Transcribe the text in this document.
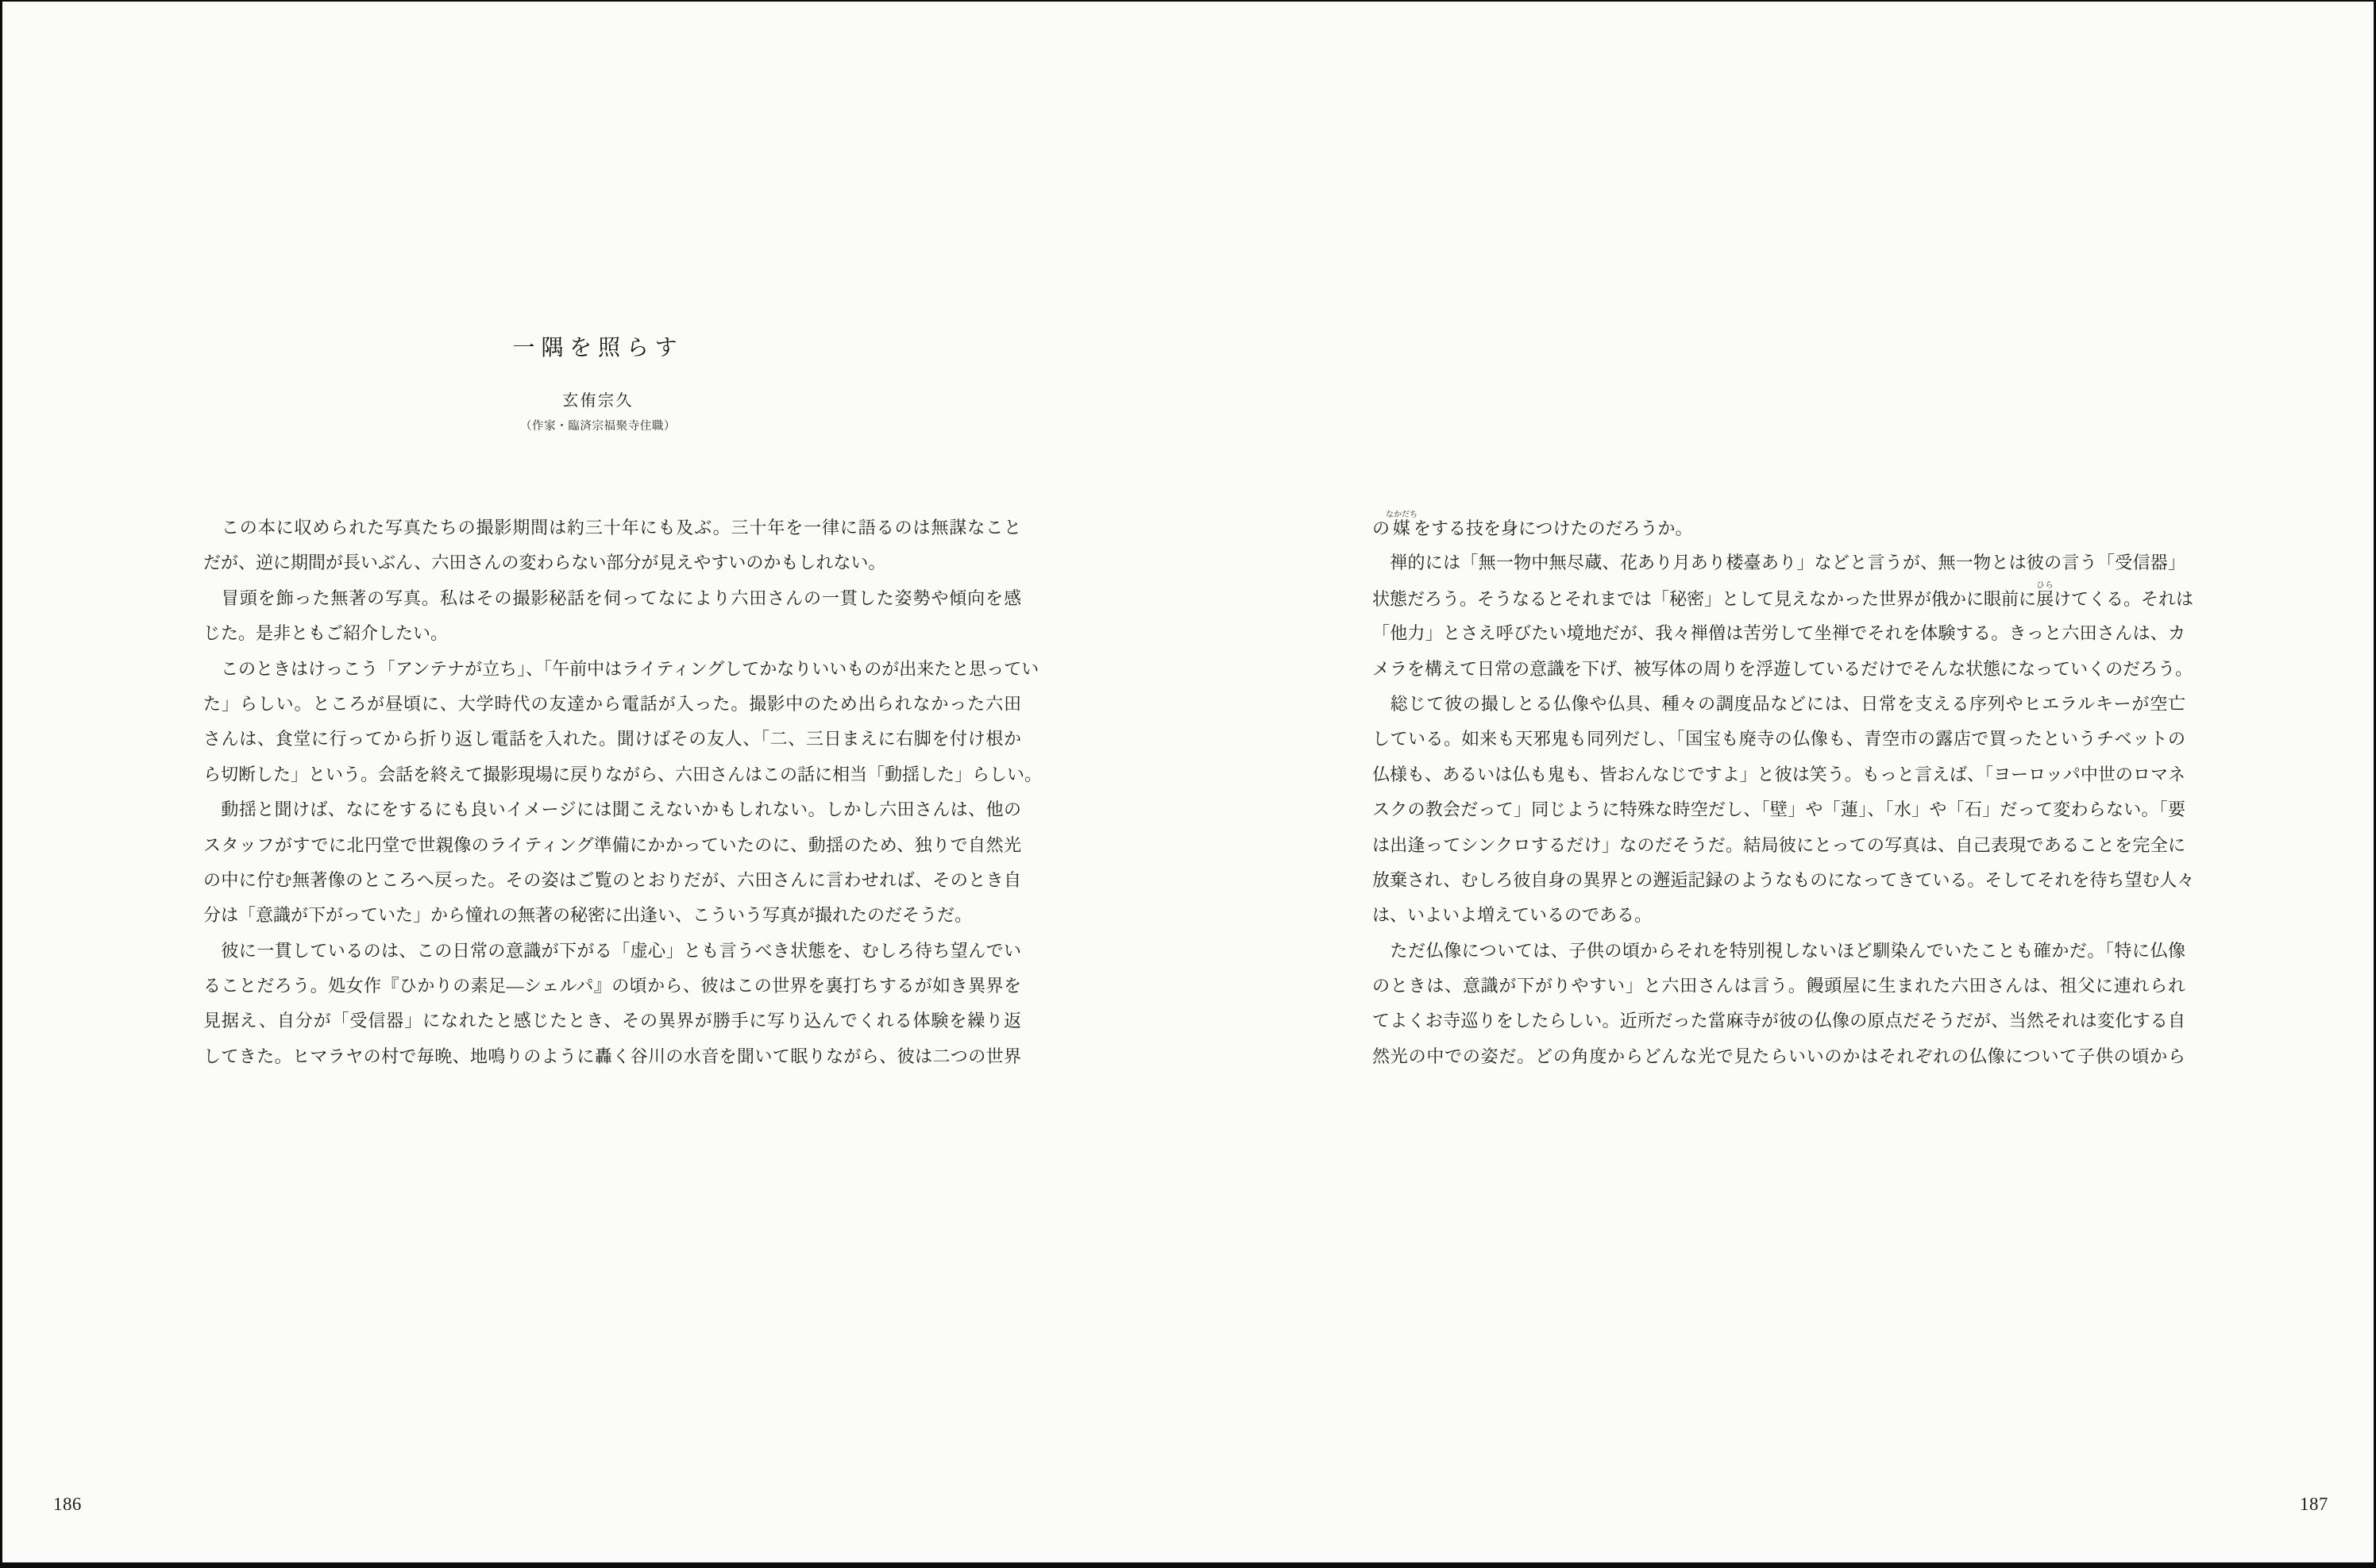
一隅を照らす
玄侑宗久
（作家・臨済宗福聚寺住職）
　この本に収められた写真たちの撮影期間は約三十年にも及ぶ。三十年を一律に語るのは無謀なこと
だが、逆に期間が長いぶん、六田さんの変わらない部分が見えやすいのかもしれない。
　冒頭を飾った無著の写真。私はその撮影秘話を伺ってなにより六田さんの一貫した姿勢や傾向を感
じた。是非ともご紹介したい。
　このときはけっこう「アンテナが立ち」、「午前中はライティングしてかなりいいものが出来たと思ってい
た」らしい。ところが昼頃に、大学時代の友達から電話が入った。撮影中のため出られなかった六田
さんは、食堂に行ってから折り返し電話を入れた。聞けばその友人、「二、三日まえに右脚を付け根か
ら切断した」という。会話を終えて撮影現場に戻りながら、六田さんはこの話に相当「動揺した」らしい。
　動揺と聞けば、なにをするにも良いイメージには聞こえないかもしれない。しかし六田さんは、他の
スタッフがすでに北円堂で世親像のライティング準備にかかっていたのに、動揺のため、独りで自然光
の中に佇む無著像のところへ戻った。その姿はご覧のとおりだが、六田さんに言わせれば、そのとき自
分は「意識が下がっていた」から憧れの無著の秘密に出逢い、こういう写真が撮れたのだそうだ。
　彼に一貫しているのは、この日常の意識が下がる「虚心」とも言うべき状態を、むしろ待ち望んでい
ることだろう。処女作『ひかりの素足―シェルパ』の頃から、彼はこの世界を裏打ちするが如き異界を
見据え、自分が「受信器」になれたと感じたとき、その異界が勝手に写り込んでくれる体験を繰り返
してきた。ヒマラヤの村で毎晩、地鳴りのように轟く谷川の水音を聞いて眠りながら、彼は二つの世界
の媒なかだちをする技を身につけたのだろうか。
　禅的には「無一物中無尽蔵、花あり月あり楼臺あり」などと言うが、無一物とは彼の言う「受信器」
状態だろう。そうなるとそれまでは「秘密」として見えなかった世界が俄かに眼前に展ひらけてくる。それは
「他力」とさえ呼びたい境地だが、我々禅僧は苦労して坐禅でそれを体験する。きっと六田さんは、カ
メラを構えて日常の意識を下げ、被写体の周りを浮遊しているだけでそんな状態になっていくのだろう。
　総じて彼の撮しとる仏像や仏具、種々の調度品などには、日常を支える序列やヒエラルキーが空亡
している。如来も天邪鬼も同列だし、「国宝も廃寺の仏像も、青空市の露店で買ったというチベットの
仏様も、あるいは仏も鬼も、皆おんなじですよ」と彼は笑う。もっと言えば、「ヨーロッパ中世のロマネ
スクの教会だって」同じように特殊な時空だし、「壁」や「蓮」、「水」や「石」だって変わらない。「要
は出逢ってシンクロするだけ」なのだそうだ。結局彼にとっての写真は、自己表現であることを完全に
放棄され、むしろ彼自身の異界との邂逅記録のようなものになってきている。そしてそれを待ち望む人々
は、いよいよ増えているのである。
　ただ仏像については、子供の頃からそれを特別視しないほど馴染んでいたことも確かだ。「特に仏像
のときは、意識が下がりやすい」と六田さんは言う。饅頭屋に生まれた六田さんは、祖父に連れられ
てよくお寺巡りをしたらしい。近所だった當麻寺が彼の仏像の原点だそうだが、当然それは変化する自
然光の中での姿だ。どの角度からどんな光で見たらいいのかはそれぞれの仏像について子供の頃から
186	187
